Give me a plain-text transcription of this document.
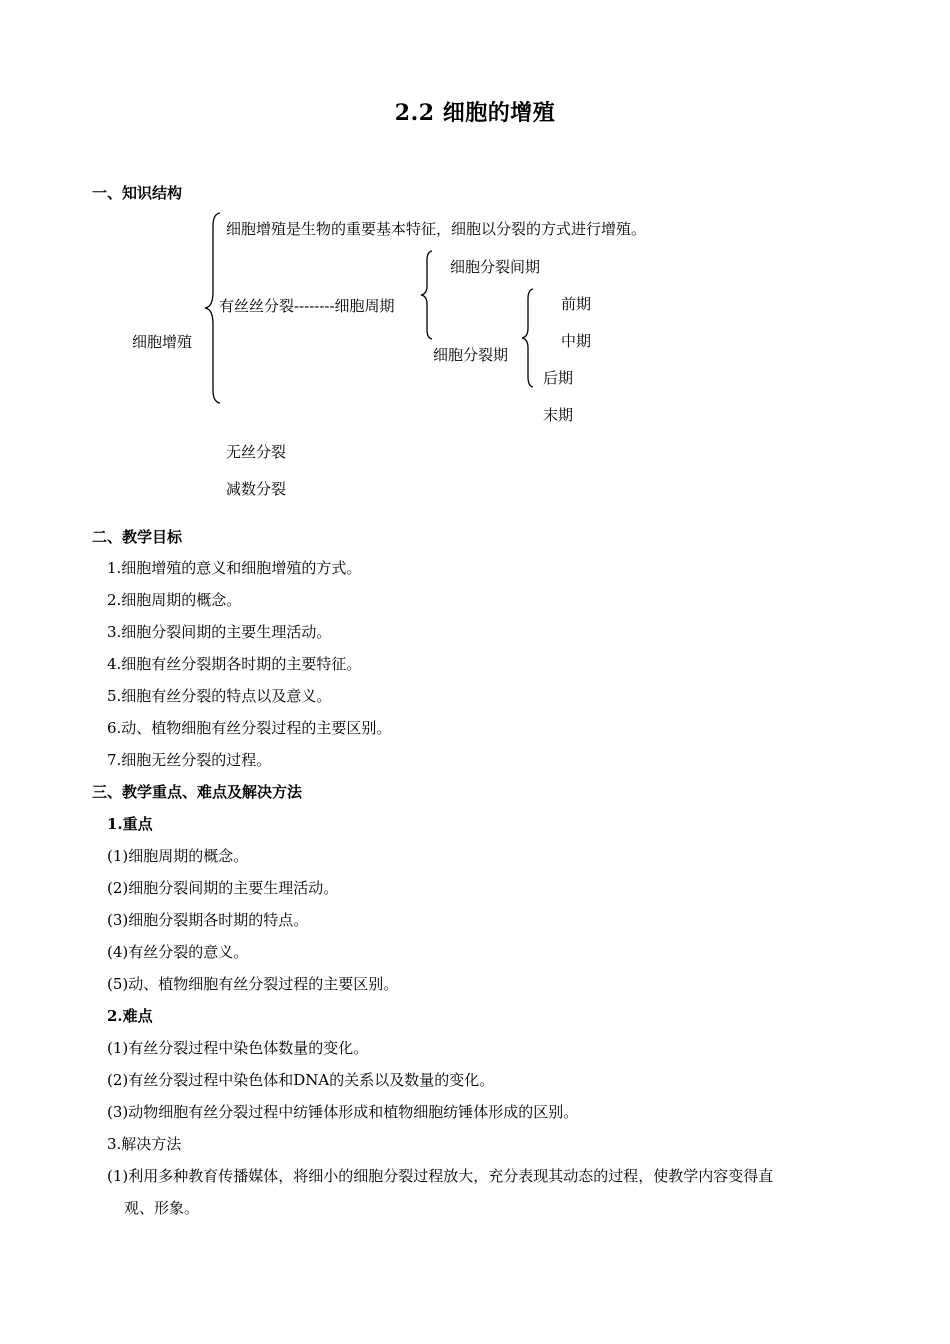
2.2 细胞的增殖
一、知识结构
细胞增殖
细胞增殖是生物的重要基本特征，细胞以分裂的方式进行增殖。
有丝丝分裂--------细胞周期
细胞分裂间期
细胞分裂期
前期
中期
后期
末期
无丝分裂
减数分裂
二、教学目标
1.细胞增殖的意义和细胞增殖的方式。
2.细胞周期的概念。
3.细胞分裂间期的主要生理活动。
4.细胞有丝分裂期各时期的主要特征。
5.细胞有丝分裂的特点以及意义。
6.动、植物细胞有丝分裂过程的主要区别。
7.细胞无丝分裂的过程。
三、教学重点、难点及解决方法
1.重点
(1)细胞周期的概念。
(2)细胞分裂间期的主要生理活动。
(3)细胞分裂期各时期的特点。
(4)有丝分裂的意义。
(5)动、植物细胞有丝分裂过程的主要区别。
2.难点
(1)有丝分裂过程中染色体数量的变化。
(2)有丝分裂过程中染色体和DNA的关系以及数量的变化。
(3)动物细胞有丝分裂过程中纺锤体形成和植物细胞纺锤体形成的区别。
3.解决方法
(1)利用多种教育传播媒体，将细小的细胞分裂过程放大，充分表现其动态的过程，使教学内容变得直
观、形象。
